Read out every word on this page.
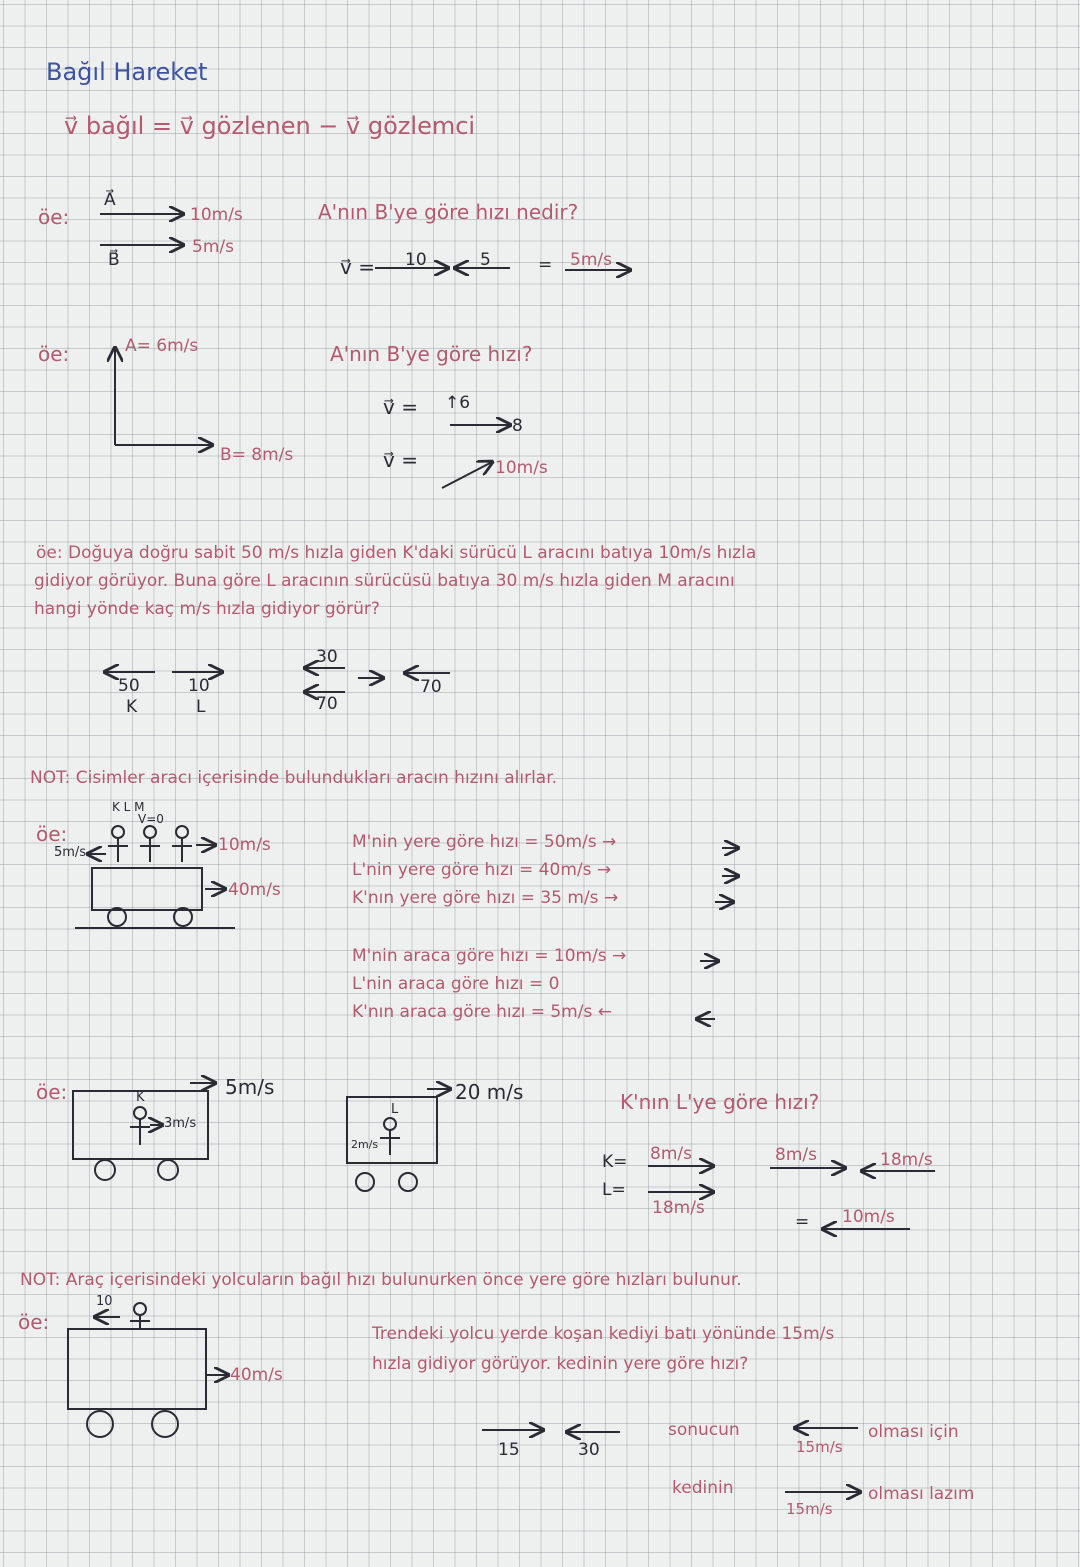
Bağıl Hareket
v⃗ bağıl = v⃗ gözlenen − v⃗ gözlemci
öe:
A⃗
10m/s
B⃗
5m/s
A'nın B'ye göre hızı nedir?
v⃗ = 10	5	= 5m/s
öe:	A= 6m/s
B= 8m/s
A'nın B'ye göre hızı?
v⃗ = ↑6
8
v⃗ =	10m/s
öe: Doğuya doğru sabit 50 m/s hızla giden K'daki sürücü L aracını batıya 10m/s hızla
gidiyor görüyor. Buna göre L aracının sürücüsü batıya 30 m/s hızla giden M aracını
hangi yönde kaç m/s hızla gidiyor görür?
50
K
10
L
30
70
70
NOT: Cisimler aracı içerisinde bulundukları aracın hızını alırlar.
öe:
K L M
V=0
5m/s	10m/s
40m/s
M'nin yere göre hızı = 50m/s →
L'nin yere göre hızı = 40m/s →
K'nın yere göre hızı = 35 m/s →
M'nin araca göre hızı = 10m/s →
L'nin araca göre hızı = 0
K'nın araca göre hızı = 5m/s ←
öe:	5m/s
K
3m/s
20 m/s
L
2m/s
K'nın L'ye göre hızı?
K= 8m/s
L=
18m/s
8m/s	18m/s
= 10m/s
NOT: Araç içerisindeki yolcuların bağıl hızı bulunurken önce yere göre hızları bulunur.
öe:
10
40m/s
Trendeki yolcu yerde koşan kediyi batı yönünde 15m/s
hızla gidiyor görüyor. kedinin yere göre hızı?
15	30
sonucun
15m/s
olması için
kedinin
15m/s
olması lazım
